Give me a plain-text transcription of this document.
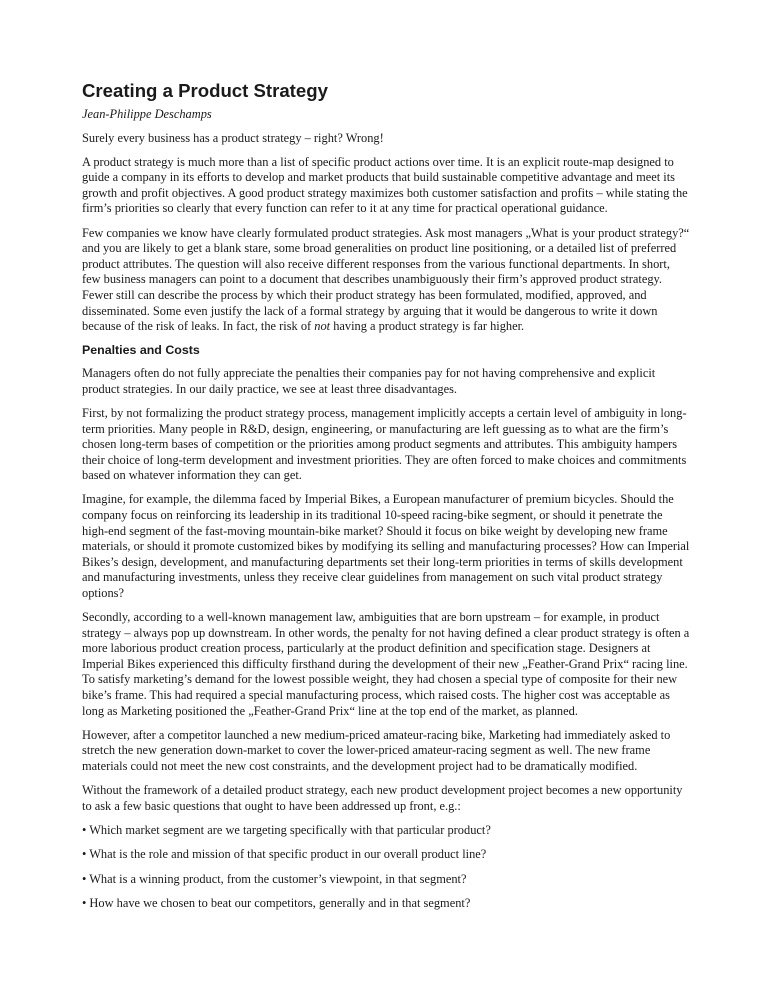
Creating a Product Strategy

Jean-Philippe Deschamps

Surely every business has a product strategy – right? Wrong!

A product strategy is much more than a list of specific product actions over time. It is an explicit route-map designed to guide a company in its efforts to develop and market products that build sustainable competitive advantage and meet its growth and profit objectives. A good product strategy maximizes both customer satisfaction and profits – while stating the firm’s priorities so clearly that every function can refer to it at any time for practical operational guidance.

Few companies we know have clearly formulated product strategies. Ask most managers „What is your product strategy?“ and you are likely to get a blank stare, some broad generalities on product line positioning, or a detailed list of preferred product attributes. The question will also receive different responses from the various functional departments. In short, few business managers can point to a document that describes unambiguously their firm’s approved product strategy. Fewer still can describe the process by which their product strategy has been formulated, modified, approved, and disseminated. Some even justify the lack of a formal strategy by arguing that it would be dangerous to write it down because of the risk of leaks. In fact, the risk of not having a product strategy is far higher.

Penalties and Costs

Managers often do not fully appreciate the penalties their companies pay for not having comprehensive and explicit product strategies. In our daily practice, we see at least three disadvantages.

First, by not formalizing the product strategy process, management implicitly accepts a certain level of ambiguity in long-term priorities. Many people in R&D, design, engineering, or manufacturing are left guessing as to what are the firm’s chosen long-term bases of competition or the priorities among product segments and attributes. This ambiguity hampers their choice of long-term development and investment priorities. They are often forced to make choices and commitments based on whatever information they can get.

Imagine, for example, the dilemma faced by Imperial Bikes, a European manufacturer of premium bicycles. Should the company focus on reinforcing its leadership in its traditional 10-speed racing-bike segment, or should it penetrate the high-end segment of the fast-moving mountain-bike market? Should it focus on bike weight by developing new frame materials, or should it promote customized bikes by modifying its selling and manufacturing processes? How can Imperial Bikes’s design, development, and manufacturing departments set their long-term priorities in terms of skills development and manufacturing investments, unless they receive clear guidelines from management on such vital product strategy options?

Secondly, according to a well-known management law, ambiguities that are born upstream – for example, in product strategy – always pop up downstream. In other words, the penalty for not having defined a clear product strategy is often a more laborious product creation process, particularly at the product definition and specification stage. Designers at Imperial Bikes experienced this difficulty firsthand during the development of their new „Feather-Grand Prix“ racing line. To satisfy marketing’s demand for the lowest possible weight, they had chosen a special type of composite for their new bike’s frame. This had required a special manufacturing process, which raised costs. The higher cost was acceptable as long as Marketing positioned the „Feather-Grand Prix“ line at the top end of the market, as planned.

However, after a competitor launched a new medium-priced amateur-racing bike, Marketing had immediately asked to stretch the new generation down-market to cover the lower-priced amateur-racing segment as well. The new frame materials could not meet the new cost constraints, and the development project had to be dramatically modified.

Without the framework of a detailed product strategy, each new product development project becomes a new opportunity to ask a few basic questions that ought to have been addressed up front, e.g.:

• Which market segment are we targeting specifically with that particular product?

• What is the role and mission of that specific product in our overall product line?

• What is a winning product, from the customer’s viewpoint, in that segment?

• How have we chosen to beat our competitors, generally and in that segment?
